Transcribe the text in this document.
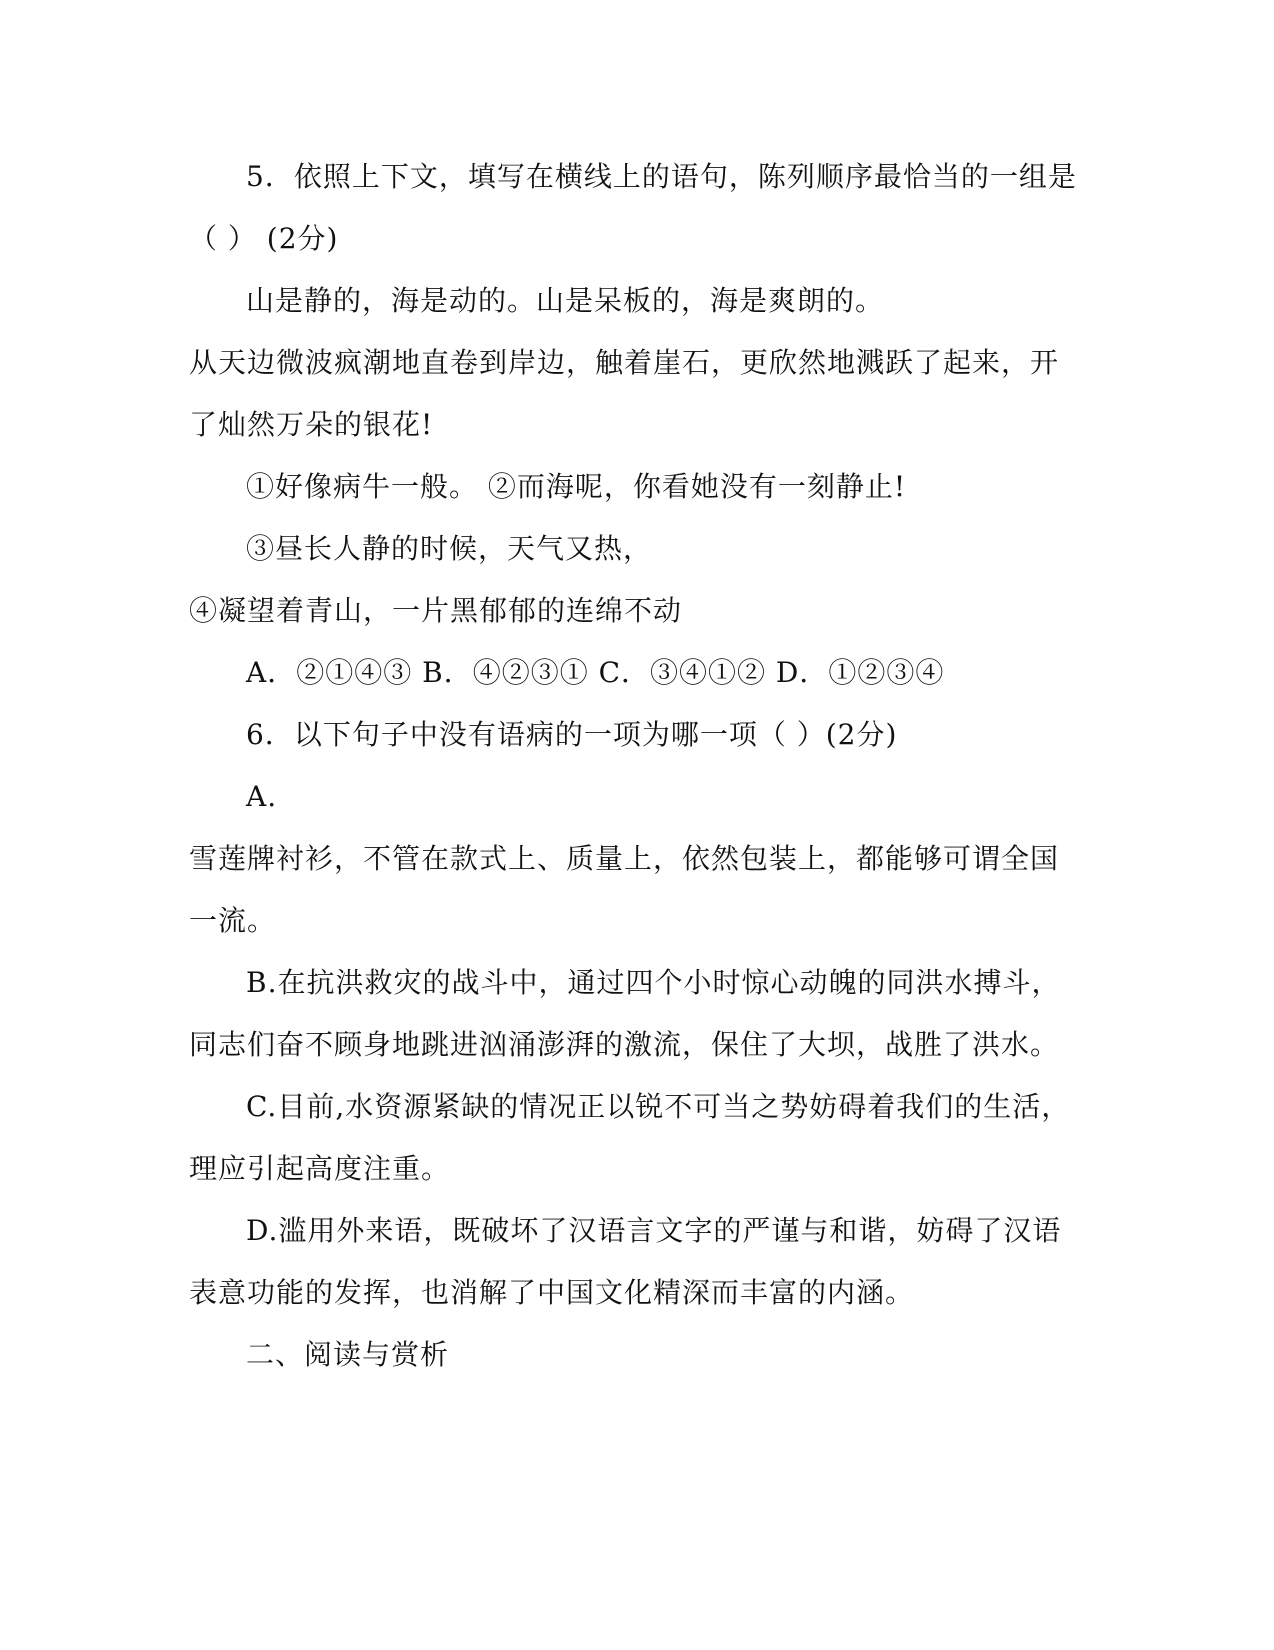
5．依照上下文，填写在横线上的语句，陈列顺序最恰当的一组是
（ ） (2分)
山是静的，海是动的。山是呆板的，海是爽朗的。
从天边微波疯潮地直卷到岸边，触着崖石，更欣然地溅跃了起来，开
了灿然万朵的银花!
①好像病牛一般。 ②而海呢，你看她没有一刻静止!
③昼长人静的时候，天气又热，
④凝望着青山，一片黑郁郁的连绵不动
A．②①④③ B．④②③① C．③④①② D．①②③④
6．以下句子中没有语病的一项为哪一项（ ）(2分)
A.
雪莲牌衬衫，不管在款式上、质量上，依然包装上，都能够可谓全国
一流。
B.在抗洪救灾的战斗中，通过四个小时惊心动魄的同洪水搏斗，
同志们奋不顾身地跳进汹涌澎湃的激流，保住了大坝，战胜了洪水。
C.目前,水资源紧缺的情况正以锐不可当之势妨碍着我们的生活，
理应引起高度注重。
D.滥用外来语，既破坏了汉语言文字的严谨与和谐，妨碍了汉语
表意功能的发挥，也消解了中国文化精深而丰富的内涵。
二、阅读与赏析
